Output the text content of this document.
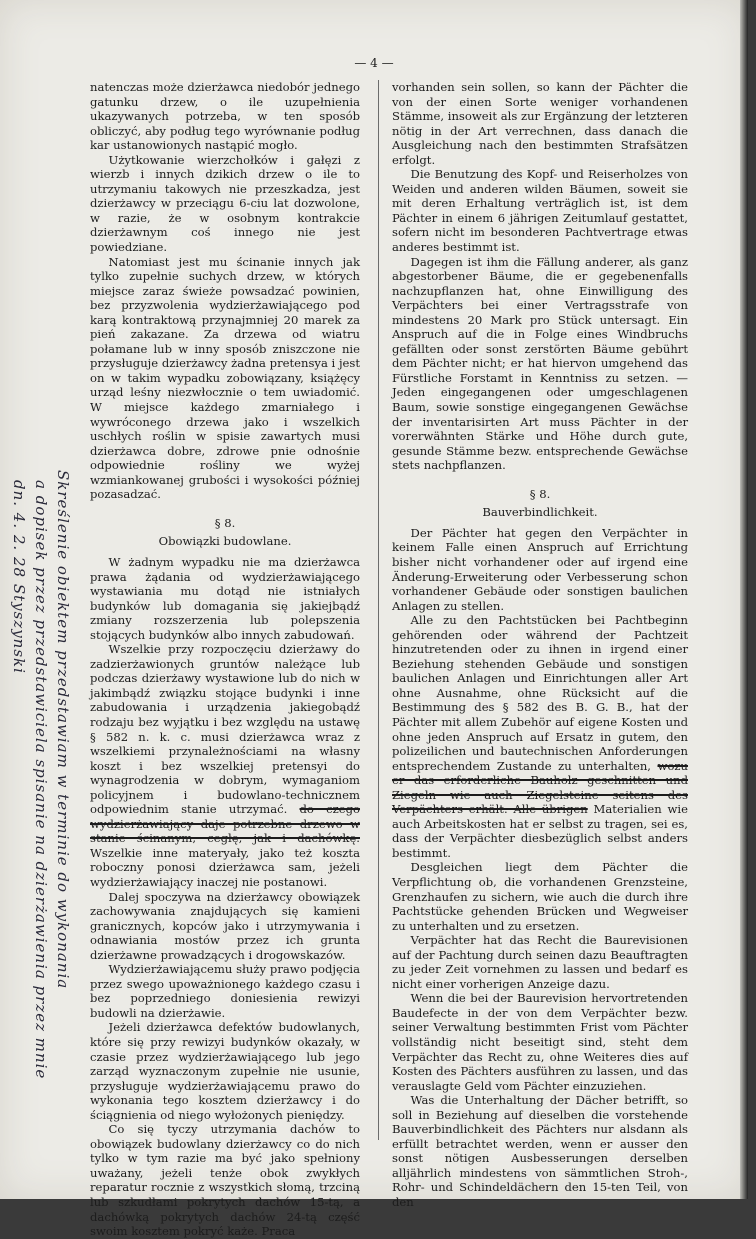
— 4 —

natenczas może dzierżawca niedobór jednego gatunku drzew, o ile uzupełnienia ukazywanych potrzeba, w ten sposób obliczyć, aby podług tego wyrównanie podług kar ustanowionych nastąpić mogło.

Użytkowanie wierzchołków i gałęzi z wierzb i innych dzikich drzew o ile to utrzymaniu takowych nie przeszkadza, jest dzierżawcy w przeciągu 6-ciu lat dozwolone, w razie, że w osobnym kontrakcie dzierżawnym coś innego nie jest powiedziane.

Natomiast jest mu ścinanie innych jak tylko zupełnie suchych drzew, w których miejsce zaraz świeże powsadzać powinien, bez przyzwolenia wydzierżawiającego pod karą kontraktową przynajmniej 20 marek za pień zakazane. Za drzewa od wiatru połamane lub w inny sposób zniszczone nie przysługuje dzierżawcy żadna pretensya i jest on w takim wypadku zobowiązany, książęcy urząd leśny niezwłocznie o tem uwiadomić. W miejsce każdego zmarniałego i wywróconego drzewa jako i wszelkich uschłych roślin w spisie zawartych musi dzierżawca dobre, zdrowe pnie odnośnie odpowiednie rośliny we wyżej wzmiankowanej grubości i wysokości później pozasadzać.

§ 8.
Obowiązki budowlane.

W żadnym wypadku nie ma dzierżawca prawa żądania od wydzierżawiającego wystawiania mu dotąd nie istniałych budynków lub domagania się jakiejbądź zmiany rozszerzenia lub polepszenia stojących budynków albo innych zabudowań.

Wszelkie przy rozpoczęciu dzierżawy do zadzierżawionych gruntów należące lub podczas dzierżawy wystawione lub do nich w jakimbądź związku stojące budynki i inne zabudowania i urządzenia jakiegobądź rodzaju bez wyjątku i bez względu na ustawę § 582 n. k. c. musi dzierżawca wraz z wszelkiemi przynależnościami na własny koszt i bez wszelkiej pretensyi do wynagrodzenia w dobrym, wymaganiom policyjnem i budowlano-technicznem odpowiednim stanie utrzymać. do czego wydzierżawiający daje potrzebne drzewo w stanie ścinanym, cegłę, jak i dachówkę. Wszelkie inne materyały, jako też koszta roboczny ponosi dzierżawca sam, jeżeli wydzierżawiający inaczej nie postanowi.

Dalej spoczywa na dzierżawcy obowiązek zachowywania znajdujących się kamieni granicznych, kopców jako i utrzymywania i odnawiania mostów przez ich grunta dzierżawne prowadzących i drogowskazów.

Wydzierżawiającemu służy prawo podjęcia przez swego upoważnionego każdego czasu i bez poprzedniego doniesienia rewizyi budowli na dzierżawie.

Jeżeli dzierżawca defektów budowlanych, które się przy rewizyi budynków okazały, w czasie przez wydzierżawiającego lub jego zarząd wyznaczonym zupełnie nie usunie, przysługuje wydzierżawiającemu prawo do wykonania tego kosztem dzierżawcy i do ściągnienia od niego wyłożonych pieniędzy.

Co się tyczy utrzymania dachów to obowiązek budowlany dzierżawcy co do nich tylko w tym razie ma być jako spełniony uważany, jeżeli tenże obok zwykłych reparatur rocznie z wszystkich słomą, trzciną lub szkudłami pokrytych dachów 15-tą, a dachówką pokrytych dachów 24-tą część swoim kosztem pokryć każe. Praca

vorhanden sein sollen, so kann der Pächter die von der einen Sorte weniger vorhandenen Stämme, insoweit als zur Ergänzung der letzteren nötig in der Art verrechnen, dass danach die Ausgleichung nach den bestimmten Strafsätzen erfolgt.

Die Benutzung des Kopf- und Reiserholzes von Weiden und anderen wilden Bäumen, soweit sie mit deren Erhaltung verträglich ist, ist dem Pächter in einem 6 jährigen Zeitumlauf gestattet, sofern nicht im besonderen Pachtvertrage etwas anderes bestimmt ist.

Dagegen ist ihm die Fällung anderer, als ganz abgestorbener Bäume, die er gegebenenfalls nachzupflanzen hat, ohne Einwilligung des Verpächters bei einer Vertragsstrafe von mindestens 20 Mark pro Stück untersagt. Ein Anspruch auf die in Folge eines Windbruchs gefällten oder sonst zerstörten Bäume gebührt dem Pächter nicht; er hat hiervon umgehend das Fürstliche Forstamt in Kenntniss zu setzen. — Jeden eingegangenen oder umgeschlagenen Baum, sowie sonstige eingegangenen Gewächse der inventarisirten Art muss Pächter in der vorerwähnten Stärke und Höhe durch gute, gesunde Stämme bezw. entsprechende Gewächse stets nachpflanzen.

§ 8.
Bauverbindlichkeit.

Der Pächter hat gegen den Verpächter in keinem Falle einen Anspruch auf Errichtung bisher nicht vorhandener oder auf irgend eine Änderung-Erweiterung oder Verbesserung schon vorhandener Gebäude oder sonstigen baulichen Anlagen zu stellen.

Alle zu den Pachtstücken bei Pachtbeginn gehörenden oder während der Pachtzeit hinzutretenden oder zu ihnen in irgend einer Beziehung stehenden Gebäude und sonstigen baulichen Anlagen und Einrichtungen aller Art ohne Ausnahme, ohne Rücksicht auf die Bestimmung des § 582 des B. G. B., hat der Pächter mit allem Zubehör auf eigene Kosten und ohne jeden Anspruch auf Ersatz in gutem, den polizeilichen und bautechnischen Anforderungen entsprechendem Zustande zu unterhalten, wozu er das erforderliche Bauholz geschnitten und Ziegeln wie auch Ziegelsteine seitens des Verpächters erhält. Alle übrigen Materialien wie auch Arbeitskosten hat er selbst zu tragen, sei es, dass der Verpächter diesbezüglich selbst anders bestimmt.

Desgleichen liegt dem Pächter die Verpflichtung ob, die vorhandenen Grenzsteine, Grenzhaufen zu sichern, wie auch die durch ihre Pachtstücke gehenden Brücken und Wegweiser zu unterhalten und zu ersetzen.

Verpächter hat das Recht die Baurevisionen auf der Pachtung durch seinen dazu Beauftragten zu jeder Zeit vornehmen zu lassen und bedarf es nicht einer vorherigen Anzeige dazu.

Wenn die bei der Baurevision hervortretenden Baudefecte in der von dem Verpächter bezw. seiner Verwaltung bestimmten Frist vom Pächter vollständig nicht beseitigt sind, steht dem Verpächter das Recht zu, ohne Weiteres dies auf Kosten des Pächters ausführen zu lassen, und das verauslagte Geld vom Pächter einzuziehen.

Was die Unterhaltung der Dächer betrifft, so soll in Beziehung auf dieselben die vorstehende Bauverbindlichkeit des Pächters nur alsdann als erfüllt betrachtet werden, wenn er ausser den sonst nötigen Ausbesserungen derselben alljährlich mindestens von sämmtlichen Stroh-, Rohr- und Schindeldächern den 15-ten Teil, von den

Skreślenie obiektem przedstawiam w terminie do wykonania
a dopisek przez przedstawiciela spisanie na dzierżawienia przez mnie
dn. 4. 2. 28 Styszynski
